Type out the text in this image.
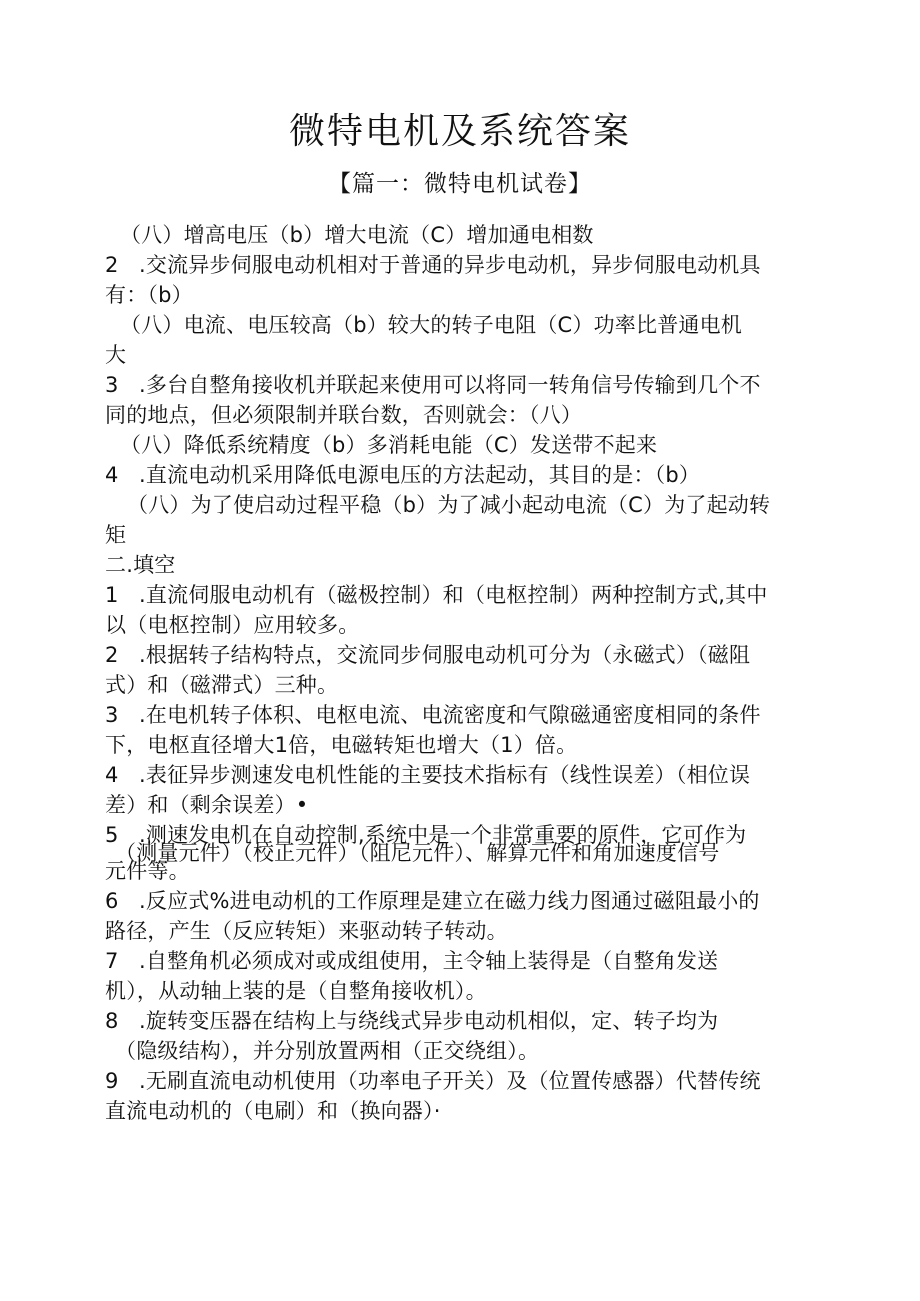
微特电机及系统答案
【篇一：微特电机试卷】
（八）增高电压（b）增大电流（C）增加通电相数
2 .交流异步伺服电动机相对于普通的异步电动机，异步伺服电动机具
有：（b）
（八）电流、电压较高（b）较大的转子电阻（C）功率比普通电机
大
3 .多台自整角接收机并联起来使用可以将同一转角信号传输到几个不
同的地点，但必须限制并联台数，否则就会：（八）
（八）降低系统精度（b）多消耗电能（C）发送带不起来
4 .直流电动机采用降低电源电压的方法起动，其目的是：（b）
（八）为了使启动过程平稳（b）为了减小起动电流（C）为了起动转
矩
二.填空
1 .直流伺服电动机有（磁极控制）和（电枢控制）两种控制方式,其中
以（电枢控制）应用较多。
2 .根据转子结构特点，交流同步伺服电动机可分为（永磁式）（磁阻
式）和（磁滞式）三种。
3 .在电机转子体积、电枢电流、电流密度和气隙磁通密度相同的条件
下，电枢直径增大1倍，电磁转矩也增大（1）倍。
4 .表征异步测速发电机性能的主要技术指标有（线性误差）（相位误
差）和（剩余误差）•
5 .测速发电机在自动控制,系统中是一个非常重要的原件，它可作为
（测量元件）（校正元件）（阻尼元件）、解算元件和角加速度信号
元件等。
6 .反应式%进电动机的工作原理是建立在磁力线力图通过磁阻最小的
路径，产生（反应转矩）来驱动转子转动。
7 .自整角机必须成对或成组使用，主令轴上装得是（自整角发送
机），从动轴上装的是（自整角接收机）。
8 .旋转变压器在结构上与绕线式异步电动机相似，定、转子均为
（隐级结构），并分别放置两相（正交绕组）。
9 .无刷直流电动机使用（功率电子开关）及（位置传感器）代替传统
直流电动机的（电刷）和（换向器）·
